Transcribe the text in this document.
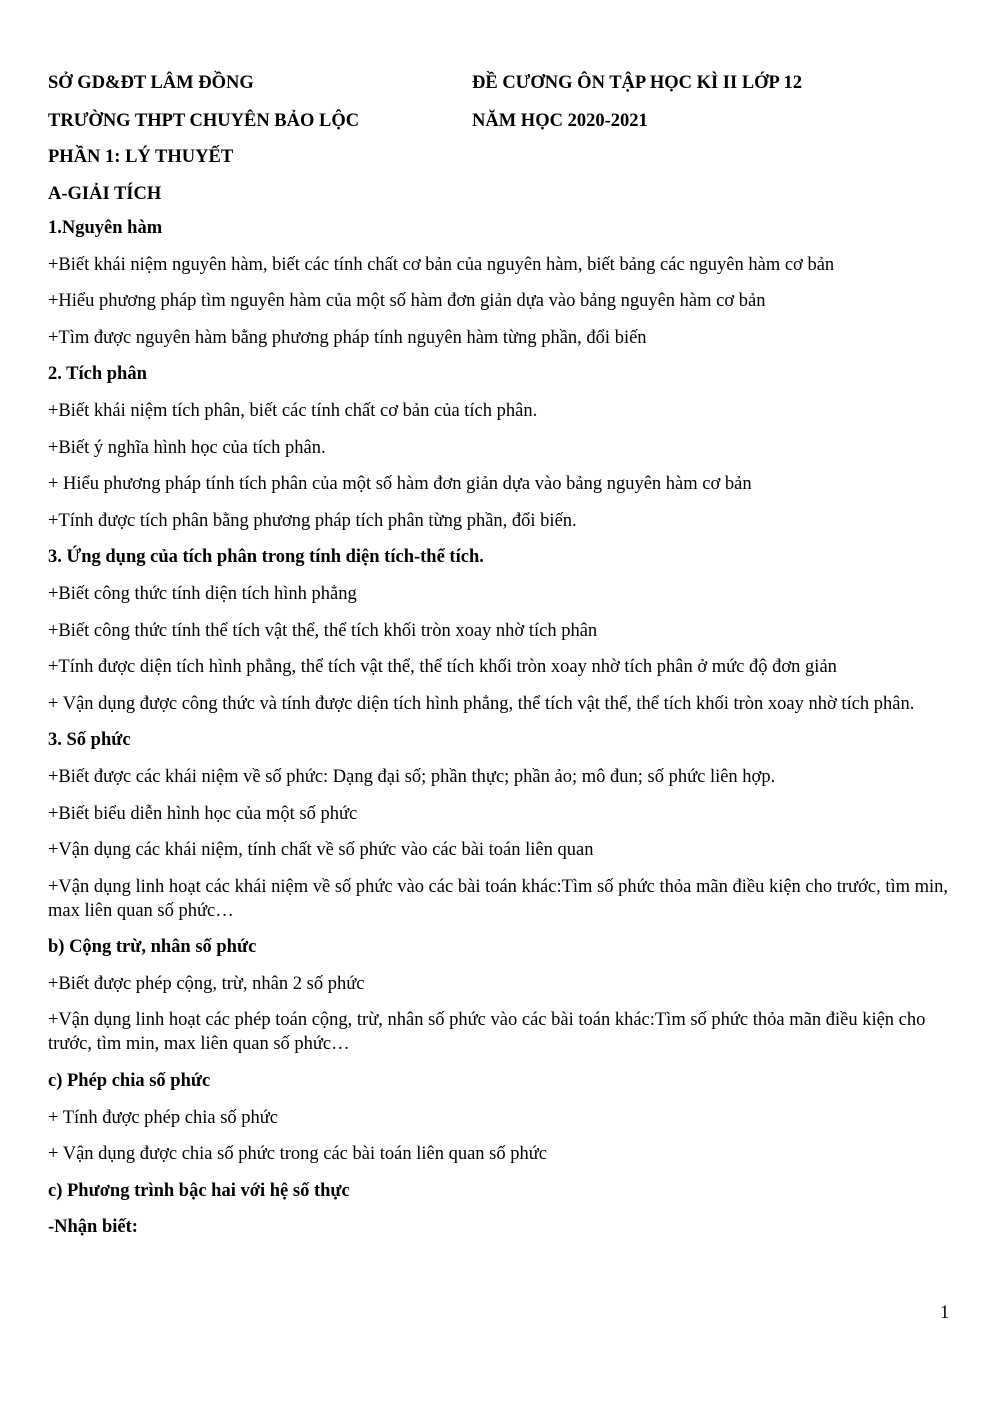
SỞ GD&ĐT LÂM ĐỒNG	ĐỀ CƯƠNG ÔN TẬP HỌC KÌ II LỚP 12
TRƯỜNG THPT CHUYÊN BẢO LỘC	NĂM HỌC 2020-2021
PHẦN 1: LÝ THUYẾT
A-GIẢI TÍCH
1.Nguyên hàm
+Biết khái niệm nguyên hàm, biết các tính chất cơ bản của nguyên hàm, biết bảng các nguyên hàm cơ bản
+Hiểu phương pháp tìm nguyên hàm của một số hàm đơn giản dựa vào bảng nguyên hàm cơ bản
+Tìm được nguyên hàm bằng phương pháp tính nguyên hàm từng phần, đổi biến
2. Tích phân
+Biết khái niệm tích phân, biết các tính chất cơ bản của tích phân.
+Biết ý nghĩa hình học của tích phân.
+ Hiểu phương pháp tính tích phân của một số hàm đơn giản dựa vào bảng nguyên hàm cơ bản
+Tính được tích phân bằng phương pháp tích phân từng phần, đổi biến.
3. Ứng dụng của tích phân trong tính diện tích-thể tích.
+Biết công thức tính diện tích hình phẳng
+Biết công thức tính thể tích vật thể, thể tích khối tròn xoay nhờ tích phân
+Tính được diện tích hình phẳng, thể tích vật thể, thể tích khối tròn xoay nhờ tích phân ở mức độ đơn giản
+ Vận dụng được công thức và tính được diện tích hình phẳng, thể tích vật thể, thể tích khối tròn xoay nhờ tích phân.
3. Số phức
+Biết được các khái niệm về số phức: Dạng đại số; phần thực; phần ảo; mô đun; số phức liên hợp.
+Biết biểu diễn hình học của một số phức
+Vận dụng các khái niệm, tính chất về số phức vào các bài toán liên quan
+Vận dụng linh hoạt các khái niệm về số phức vào các bài toán khác:Tìm số phức thỏa mãn điều kiện cho trước, tìm min, max liên quan số phức…
b) Cộng trừ, nhân số phức
+Biết được phép cộng, trừ, nhân 2 số phức
+Vận dụng linh hoạt các phép toán cộng, trừ, nhân số phức vào các bài toán khác:Tìm số phức thỏa mãn điều kiện cho trước, tìm min, max liên quan số phức…
c) Phép chia số phức
+ Tính được phép chia số phức
+ Vận dụng được chia số phức trong các bài toán liên quan số phức
c) Phương trình bậc hai với hệ số thực
-Nhận biết:
1
